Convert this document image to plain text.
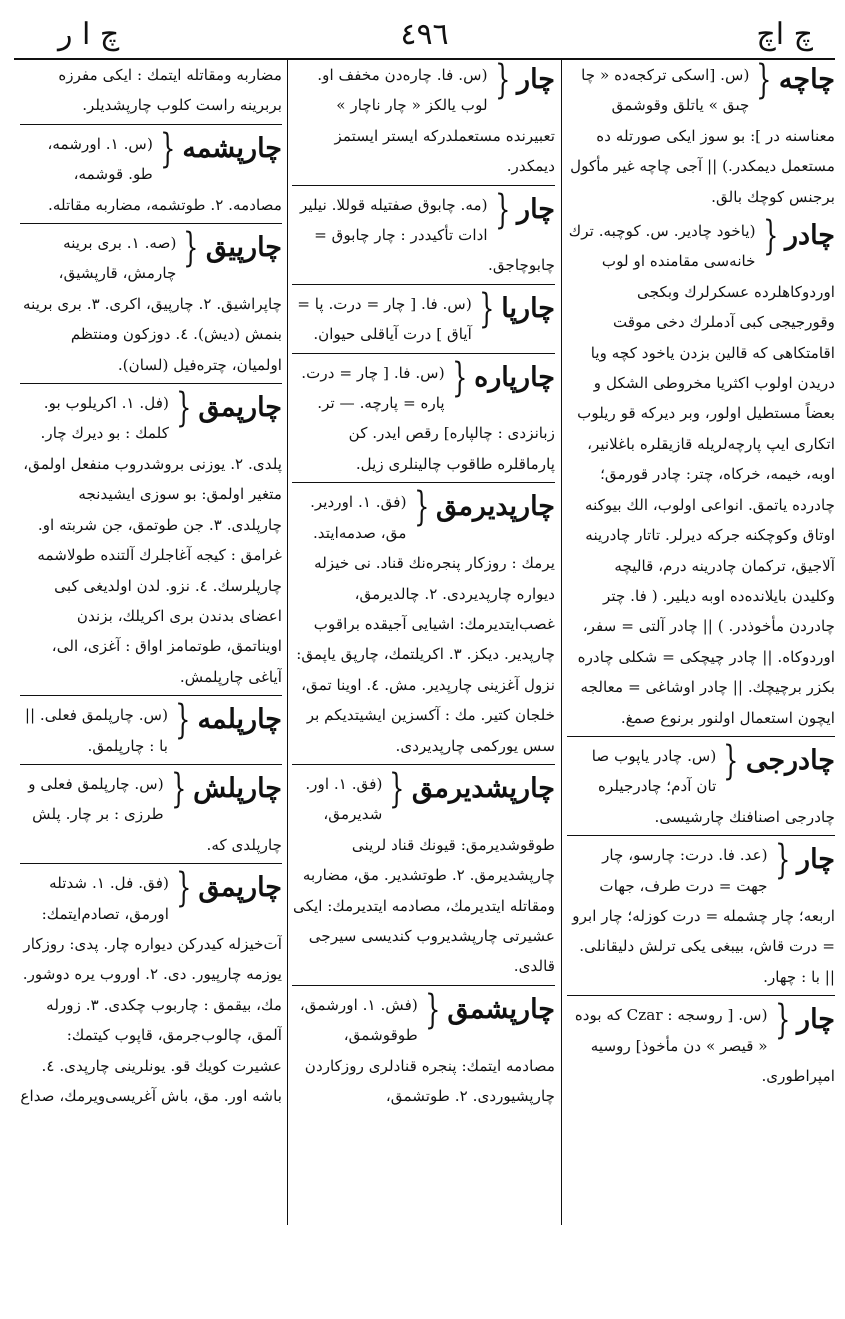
چ اچ
٤٩٦
چ ا ر
چاچه
{
(س. [اسكی تركجه‌ده « چا چىق » ياتلق وقوشمق معناسنه‌ در ]: بو سوز ايكى صورتله ده مستعمل ديمكدر.) || آجی چاچه‌ غير مأكول برجنس كوچك بالق.
چادر
{
(ياخود چادیر. س. كوچبه. ترك خانه‌سى مقامنده او لوب اوردوكاهلرده عسكرلرك وبكجی وقورجيجی كبی آدملرك دخی موقت اقامتكاهی كه قالين بزدن ياخود كچه ويا دريدن اولوب اكثريا مخروطی الشكل و بعضاً مستطيل اولور، وبر ديركه قو ريلوب اتكارى ايپ پارچه‌لريله قازيقلره باغلانير، اوبه، خيمه، خركاه، چتر: چادر قورمق؛ چادرده ياتمق. انواعی اولوب، الك بيوكنه اوتاق وكوچكنه جركه ديرلر. تاتار چادرينه آلاجيق، تركمان چادرينه درم، قاليچه وكليدن بايلانده‌ده اوبه ديلير. ( فا. چتر چادردن مأخوذدر. ) || چادر آلتی = سفر، اوردوكاه. || چادر چيچكی = شكلی چادره بكزر برچيچك. || چادر اوشاغی = معالجه ايچون استعمال اولنور برنوع صمغ.
چادرجی
{
(س. چادر ياپوب صا تان آدم؛ چادرجيلره چادرجی اصنافنك چارشيسی.
چار
{
(عد. فا. درت: چارسو، چار جهت = درت طرف، جهات اربعه؛ چار چشمله = درت كوزله؛ چار ابرو = درت قاش، بيبغی يكی ترلش دليقانلی. || با : چهار.
چار
{
(س. [ روسجه : Czar كه بوده « قيصر » دن مأخوذ] روسيه امپراطوری.
چار
{
(س. فا. چاره‌دن مخفف او. لوب يالكز « چار ناچار » تعبيرنده مستعملدركه ايستر ايستمز ديمكدر.
چار
{
(مه. چابوق صفتيله قوللا. نيلير ادات تأكيددر : چار چابوق = چابوچاجق.
چارپا
{
(س. فا. [ چار = درت. پا = آياق ] درت آياقلی حيوان.
چارپاره
{
(س. فا. [ چار = درت. پاره = پارچه. — تر. زبانزدی : چالپاره] رقص ايدر. كن پارماقلره طاقوب چالينلرى زيل.
چارپدیرمق
{
(فق. ١. اوردير. مق، صدمه‌ايتد. يرمك : روزكار پنجره‌نك قناد. نى خيزله ديواره چارپديردی. ٢. چالديرمق، غصب‌ايتديرمك: اشيايى آجيقده براقوب چارپدير. ديكز. ٣. اكريلتمك، چارپق ياپمق: نزول آغزينى چارپدير. مش. ٤. اوينا تمق، خلجان كتير. مك : آكسزين ايشيتديكم بر سس يوركمى چارپديردی.
چارپشدیرمق
{
(فق. ١. اور. شديرمق، طوقوشديرمق: قيونك قناد لرينی چارپشديرمق. ٢. طوتشدير. مق، مضاربه ومقاتله ايتديرمك، مصادمه ايتديرمك: ايكى عشيرتى چارپشدیروب كنديسی سيرجی قالدی.
چارپشمق
{
(فش. ١. اورشمق، طوقوشمق، مصادمه ايتمك: پنجره قنادلری روزكاردن چارپشيوردی. ٢. طوتشمق،
مضاربه ومقاتله ايتمك : ايكى مفرزه بربرينه راست كلوب چارپشديلر.
چارپشمه
{
(س. ١. اورشمه، طو. قوشمه، مصادمه. ٢. طوتشمه، مضاربه مقاتله.
چارپيق
{
(صه. ١. بری برينه چارمش، قارپشيق، چاپراشيق. ٢. چارپيق، اكری. ٣. برى برينه بنمش (ديش). ٤. دوزكون ومنتظم اولميان، چتره‌فيل (لسان).
چارپمق
{
(فل. ١. اكريلوب بو. كلمك : بو ديرك چار. پلدی. ٢. يوزنى بروشدروب منفعل اولمق، متغير اولمق: بو سوزی ايشيدنجه چارپلدی. ٣. جن طوتمق، جن شربته او. غرامق : كيجه آغاجلرك آلتنده طولاشمه چارپلرسك. ٤. نزو. لدن اولديغی كبی اعضای بدندن بری اكريلك، بزندن اويناتمق، طوتمامز اواق : آغزی، الی، آياغی چارپلمش.
چارپلمه
{
(س. چارپلمق فعلی. || با : چارپلمق.
چارپلش
{
(س. چارپلمق فعلی و طرزی : بر چار. پلش چارپلدی كه.
چارپمق
{
(فق. فل. ١. شدتله اورمق، تصادم‌ايتمك: آت‌خيزله كيدركن ديواره چار. پدی: روزكار يوزمه چارپيور. دی. ٢. اوروب يره دوشور. مك، بيقمق : چاربوب چكدی. ٣. زورله آلمق، چالوب‌جرمق، قاپوب كيتمك: عشيرت كويك قو. يونلرينی چارپدی. ٤. باشه اور. مق، باش آغريسی‌ويرمك، صداع
